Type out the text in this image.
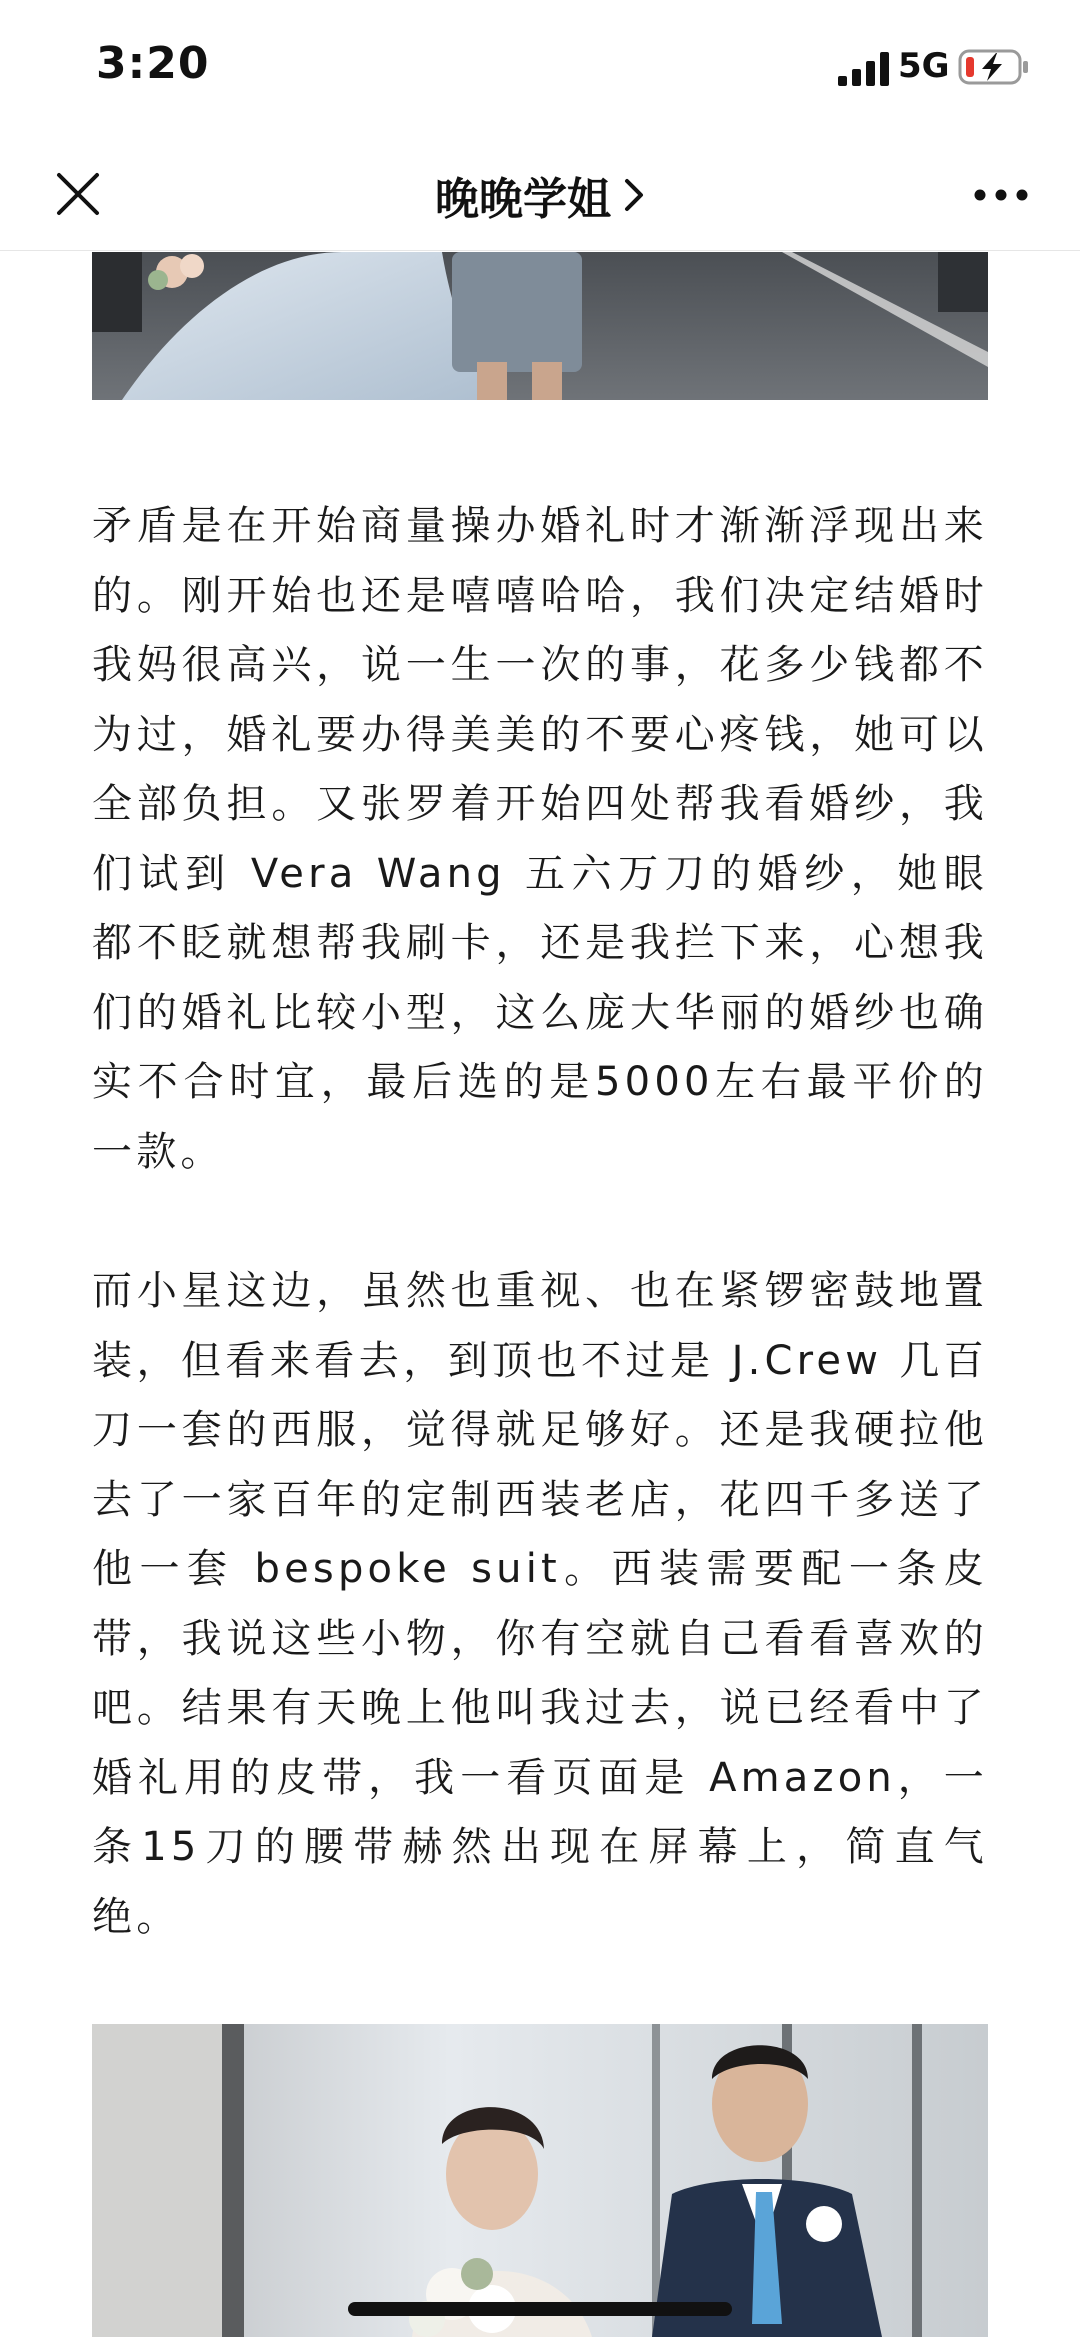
3:20	5G
晚晚学姐

矛盾是在开始商量操办婚礼时才渐渐浮现出来的。刚开始也还是嘻嘻哈哈，我们决定结婚时我妈很高兴，说一生一次的事，花多少钱都不为过，婚礼要办得美美的不要心疼钱，她可以全部负担。又张罗着开始四处帮我看婚纱，我们试到 Vera Wang 五六万刀的婚纱，她眼都不眨就想帮我刷卡，还是我拦下来，心想我们的婚礼比较小型，这么庞大华丽的婚纱也确实不合时宜，最后选的是5000左右最平价的一款。

而小星这边，虽然也重视、也在紧锣密鼓地置装，但看来看去，到顶也不过是 J.Crew 几百刀一套的西服，觉得就足够好。还是我硬拉他去了一家百年的定制西装老店，花四千多送了他一套 bespoke suit。西装需要配一条皮带，我说这些小物，你有空就自己看看喜欢的吧。结果有天晚上他叫我过去，说已经看中了婚礼用的皮带，我一看页面是 Amazon，一条15刀的腰带赫然出现在屏幕上，简直气绝。
